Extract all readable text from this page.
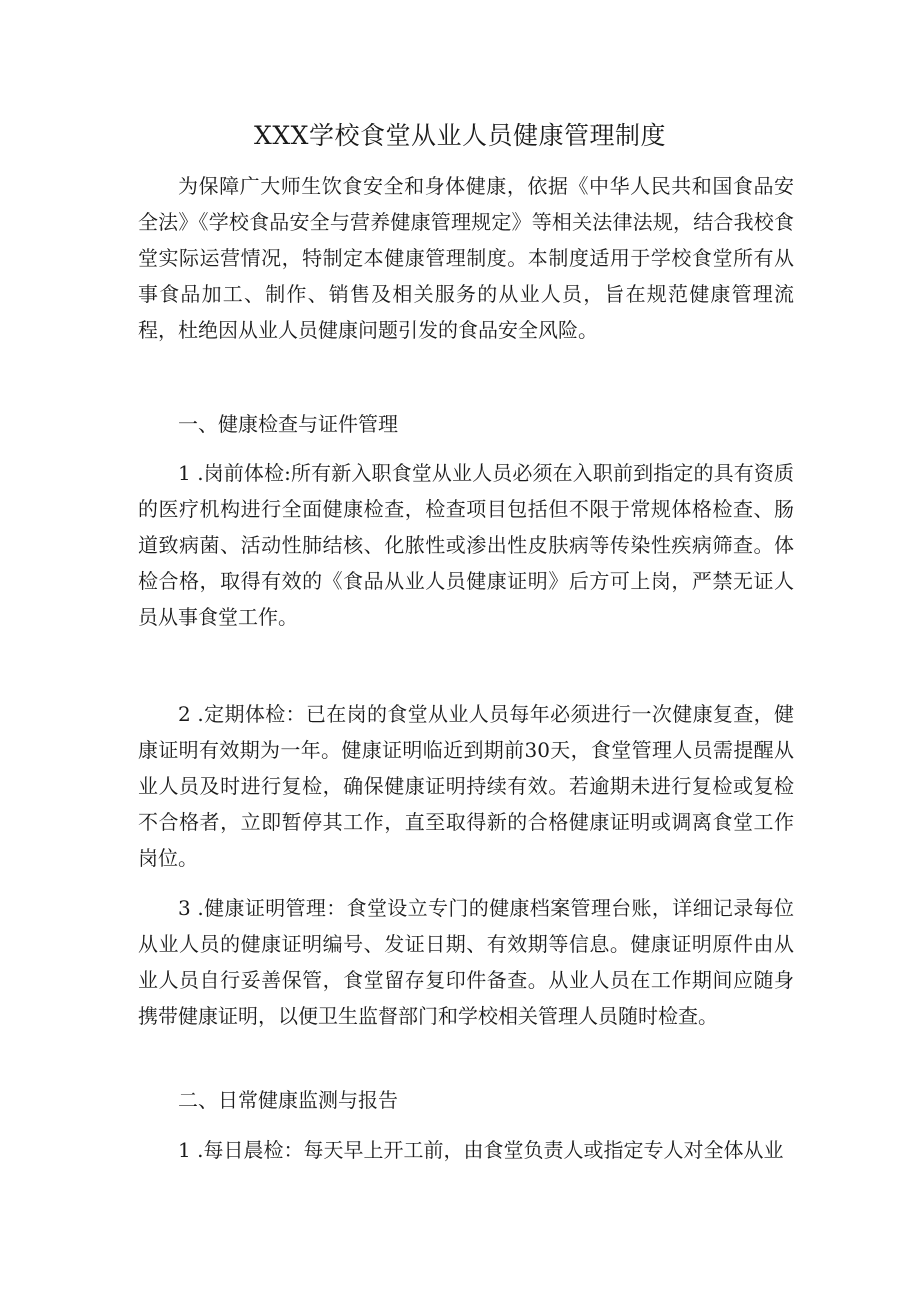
XXX学校食堂从业人员健康管理制度

为保障广大师生饮食安全和身体健康，依据《中华人民共和国食品安全法》《学校食品安全与营养健康管理规定》等相关法律法规，结合我校食堂实际运营情况，特制定本健康管理制度。本制度适用于学校食堂所有从事食品加工、制作、销售及相关服务的从业人员，旨在规范健康管理流程，杜绝因从业人员健康问题引发的食品安全风险。

一、健康检查与证件管理

1 .岗前体检:所有新入职食堂从业人员必须在入职前到指定的具有资质的医疗机构进行全面健康检查，检查项目包括但不限于常规体格检查、肠道致病菌、活动性肺结核、化脓性或渗出性皮肤病等传染性疾病筛查。体检合格，取得有效的《食品从业人员健康证明》后方可上岗，严禁无证人员从事食堂工作。

2 .定期体检：已在岗的食堂从业人员每年必须进行一次健康复查，健康证明有效期为一年。健康证明临近到期前30天，食堂管理人员需提醒从业人员及时进行复检，确保健康证明持续有效。若逾期未进行复检或复检不合格者，立即暂停其工作，直至取得新的合格健康证明或调离食堂工作岗位。

3 .健康证明管理：食堂设立专门的健康档案管理台账，详细记录每位从业人员的健康证明编号、发证日期、有效期等信息。健康证明原件由从业人员自行妥善保管，食堂留存复印件备查。从业人员在工作期间应随身携带健康证明，以便卫生监督部门和学校相关管理人员随时检查。

二、日常健康监测与报告

1 .每日晨检：每天早上开工前，由食堂负责人或指定专人对全体从业
